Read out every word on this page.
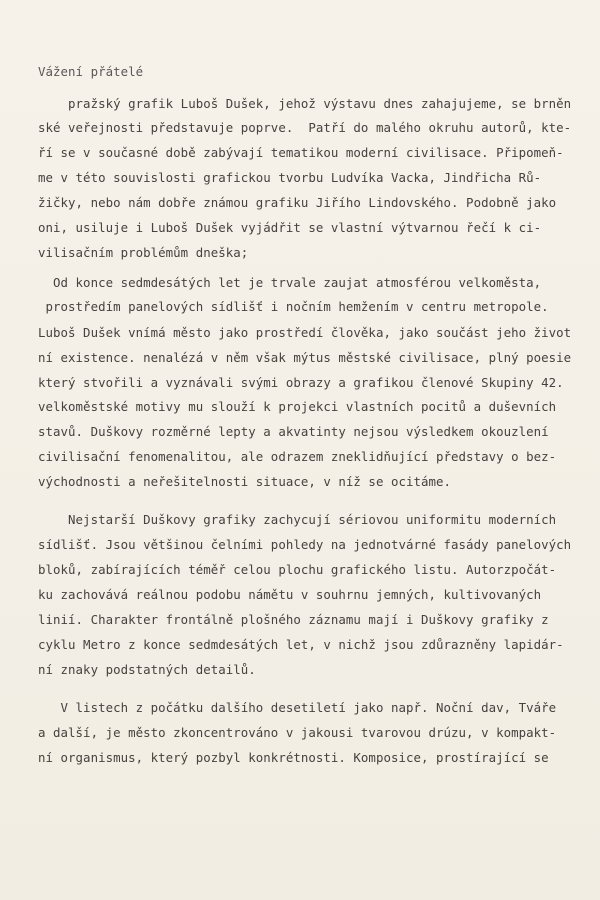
Vážení přátelé
pražský grafik Luboš Dušek, jehož výstavu dnes zahajujeme, se brněn
ské veřejnosti představuje poprve.  Patří do malého okruhu autorů, kte-
ří se v současné době zabývají tematikou moderní civilisace. Připomeň-
me v této souvislosti grafickou tvorbu Ludvíka Vacka, Jindřicha Rů-
žičky, nebo nám dobře známou grafiku Jiřího Lindovského. Podobně jako
oni, usiluje i Luboš Dušek vyjádřit se vlastní výtvarnou řečí k ci-
vilisačním problémům dneška;
Od konce sedmdesátých let je trvale zaujat atmosférou velkoměsta,
prostředím panelových sídlišť i nočním hemžením v centru metropole.
Luboš Dušek vnímá město jako prostředí člověka, jako součást jeho život
ní existence. nenalézá v něm však mýtus městské civilisace, plný poesie
který stvořili a vyznávali svými obrazy a grafikou členové Skupiny 42.
velkoměstské motivy mu slouží k projekci vlastních pocitů a duševních
stavů. Duškovy rozměrné lepty a akvatinty nejsou výsledkem okouzlení
civilisační fenomenalitou, ale odrazem zneklidňující představy o bez-
východnosti a neřešitelnosti situace, v níž se ocitáme.
Nejstarší Duškovy grafiky zachycují sériovou uniformitu moderních
sídlišť. Jsou většinou čelními pohledy na jednotvárné fasády panelových
bloků, zabírajících téměř celou plochu grafického listu. Autorzpočát-
ku zachovává reálnou podobu námětu v souhrnu jemných, kultivovaných
linií. Charakter frontálně plošného záznamu mají i Duškovy grafiky z
cyklu Metro z konce sedmdesátých let, v nichž jsou zdůrazněny lapidár-
ní znaky podstatných detailů.
V listech z počátku dalšího desetiletí jako např. Noční dav, Tváře
a další, je město zkoncentrováno v jakousi tvarovou drúzu, v kompakt-
ní organismus, který pozbyl konkrétnosti. Komposice, prostírající se
